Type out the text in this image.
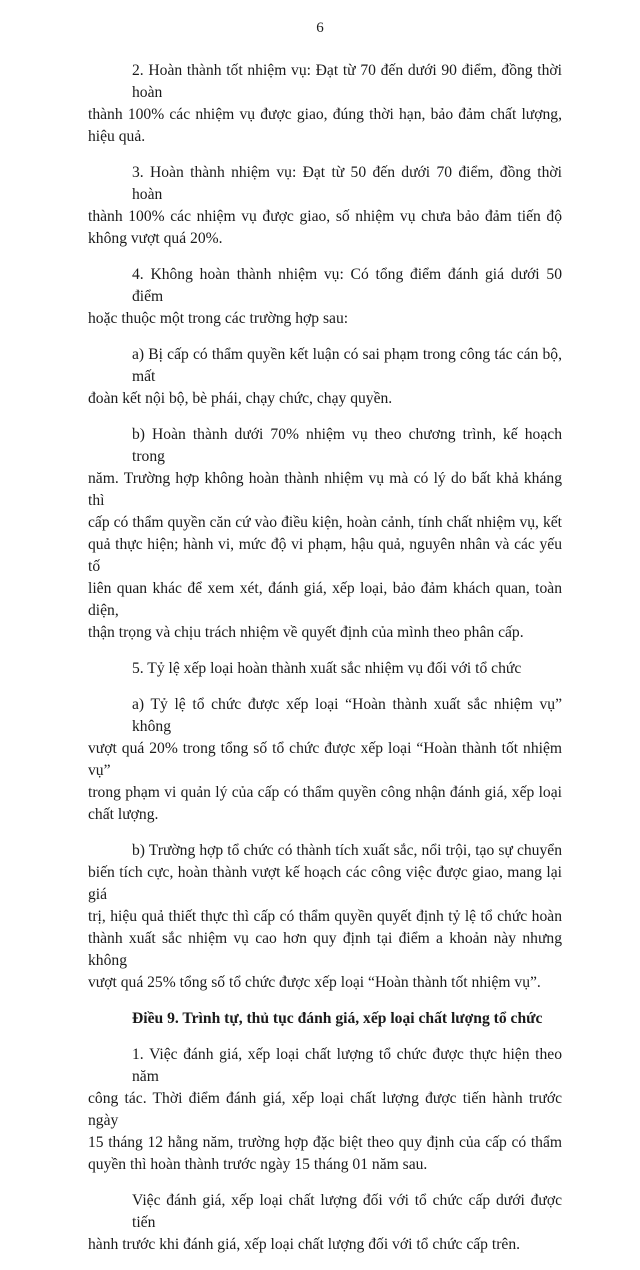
6
2. Hoàn thành tốt nhiệm vụ: Đạt từ 70 đến dưới 90 điểm, đồng thời hoàn
thành 100% các nhiệm vụ được giao, đúng thời hạn, bảo đảm chất lượng, hiệu quả.
3. Hoàn thành nhiệm vụ: Đạt từ 50 đến dưới 70 điểm, đồng thời hoàn
thành 100% các nhiệm vụ được giao, số nhiệm vụ chưa bảo đảm tiến độ
không vượt quá 20%.
4. Không hoàn thành nhiệm vụ: Có tổng điểm đánh giá dưới 50 điểm
hoặc thuộc một trong các trường hợp sau:
a) Bị cấp có thẩm quyền kết luận có sai phạm trong công tác cán bộ, mất
đoàn kết nội bộ, bè phái, chạy chức, chạy quyền.
b) Hoàn thành dưới 70% nhiệm vụ theo chương trình, kế hoạch trong
năm. Trường hợp không hoàn thành nhiệm vụ mà có lý do bất khả kháng thì
cấp có thẩm quyền căn cứ vào điều kiện, hoàn cảnh, tính chất nhiệm vụ, kết
quả thực hiện; hành vi, mức độ vi phạm, hậu quả, nguyên nhân và các yếu tố
liên quan khác để xem xét, đánh giá, xếp loại, bảo đảm khách quan, toàn diện,
thận trọng và chịu trách nhiệm về quyết định của mình theo phân cấp.
5. Tỷ lệ xếp loại hoàn thành xuất sắc nhiệm vụ đối với tổ chức
a) Tỷ lệ tổ chức được xếp loại “Hoàn thành xuất sắc nhiệm vụ” không
vượt quá 20% trong tổng số tổ chức được xếp loại “Hoàn thành tốt nhiệm vụ”
trong phạm vi quản lý của cấp có thẩm quyền công nhận đánh giá, xếp loại
chất lượng.
b) Trường hợp tổ chức có thành tích xuất sắc, nổi trội, tạo sự chuyển
biến tích cực, hoàn thành vượt kế hoạch các công việc được giao, mang lại giá
trị, hiệu quả thiết thực thì cấp có thẩm quyền quyết định tỷ lệ tổ chức hoàn
thành xuất sắc nhiệm vụ cao hơn quy định tại điểm a khoản này nhưng không
vượt quá 25% tổng số tổ chức được xếp loại “Hoàn thành tốt nhiệm vụ”.
Điều 9. Trình tự, thủ tục đánh giá, xếp loại chất lượng tổ chức
1. Việc đánh giá, xếp loại chất lượng tổ chức được thực hiện theo năm
công tác. Thời điểm đánh giá, xếp loại chất lượng được tiến hành trước ngày
15 tháng 12 hằng năm, trường hợp đặc biệt theo quy định của cấp có thẩm
quyền thì hoàn thành trước ngày 15 tháng 01 năm sau.
Việc đánh giá, xếp loại chất lượng đối với tổ chức cấp dưới được tiến
hành trước khi đánh giá, xếp loại chất lượng đối với tổ chức cấp trên.
